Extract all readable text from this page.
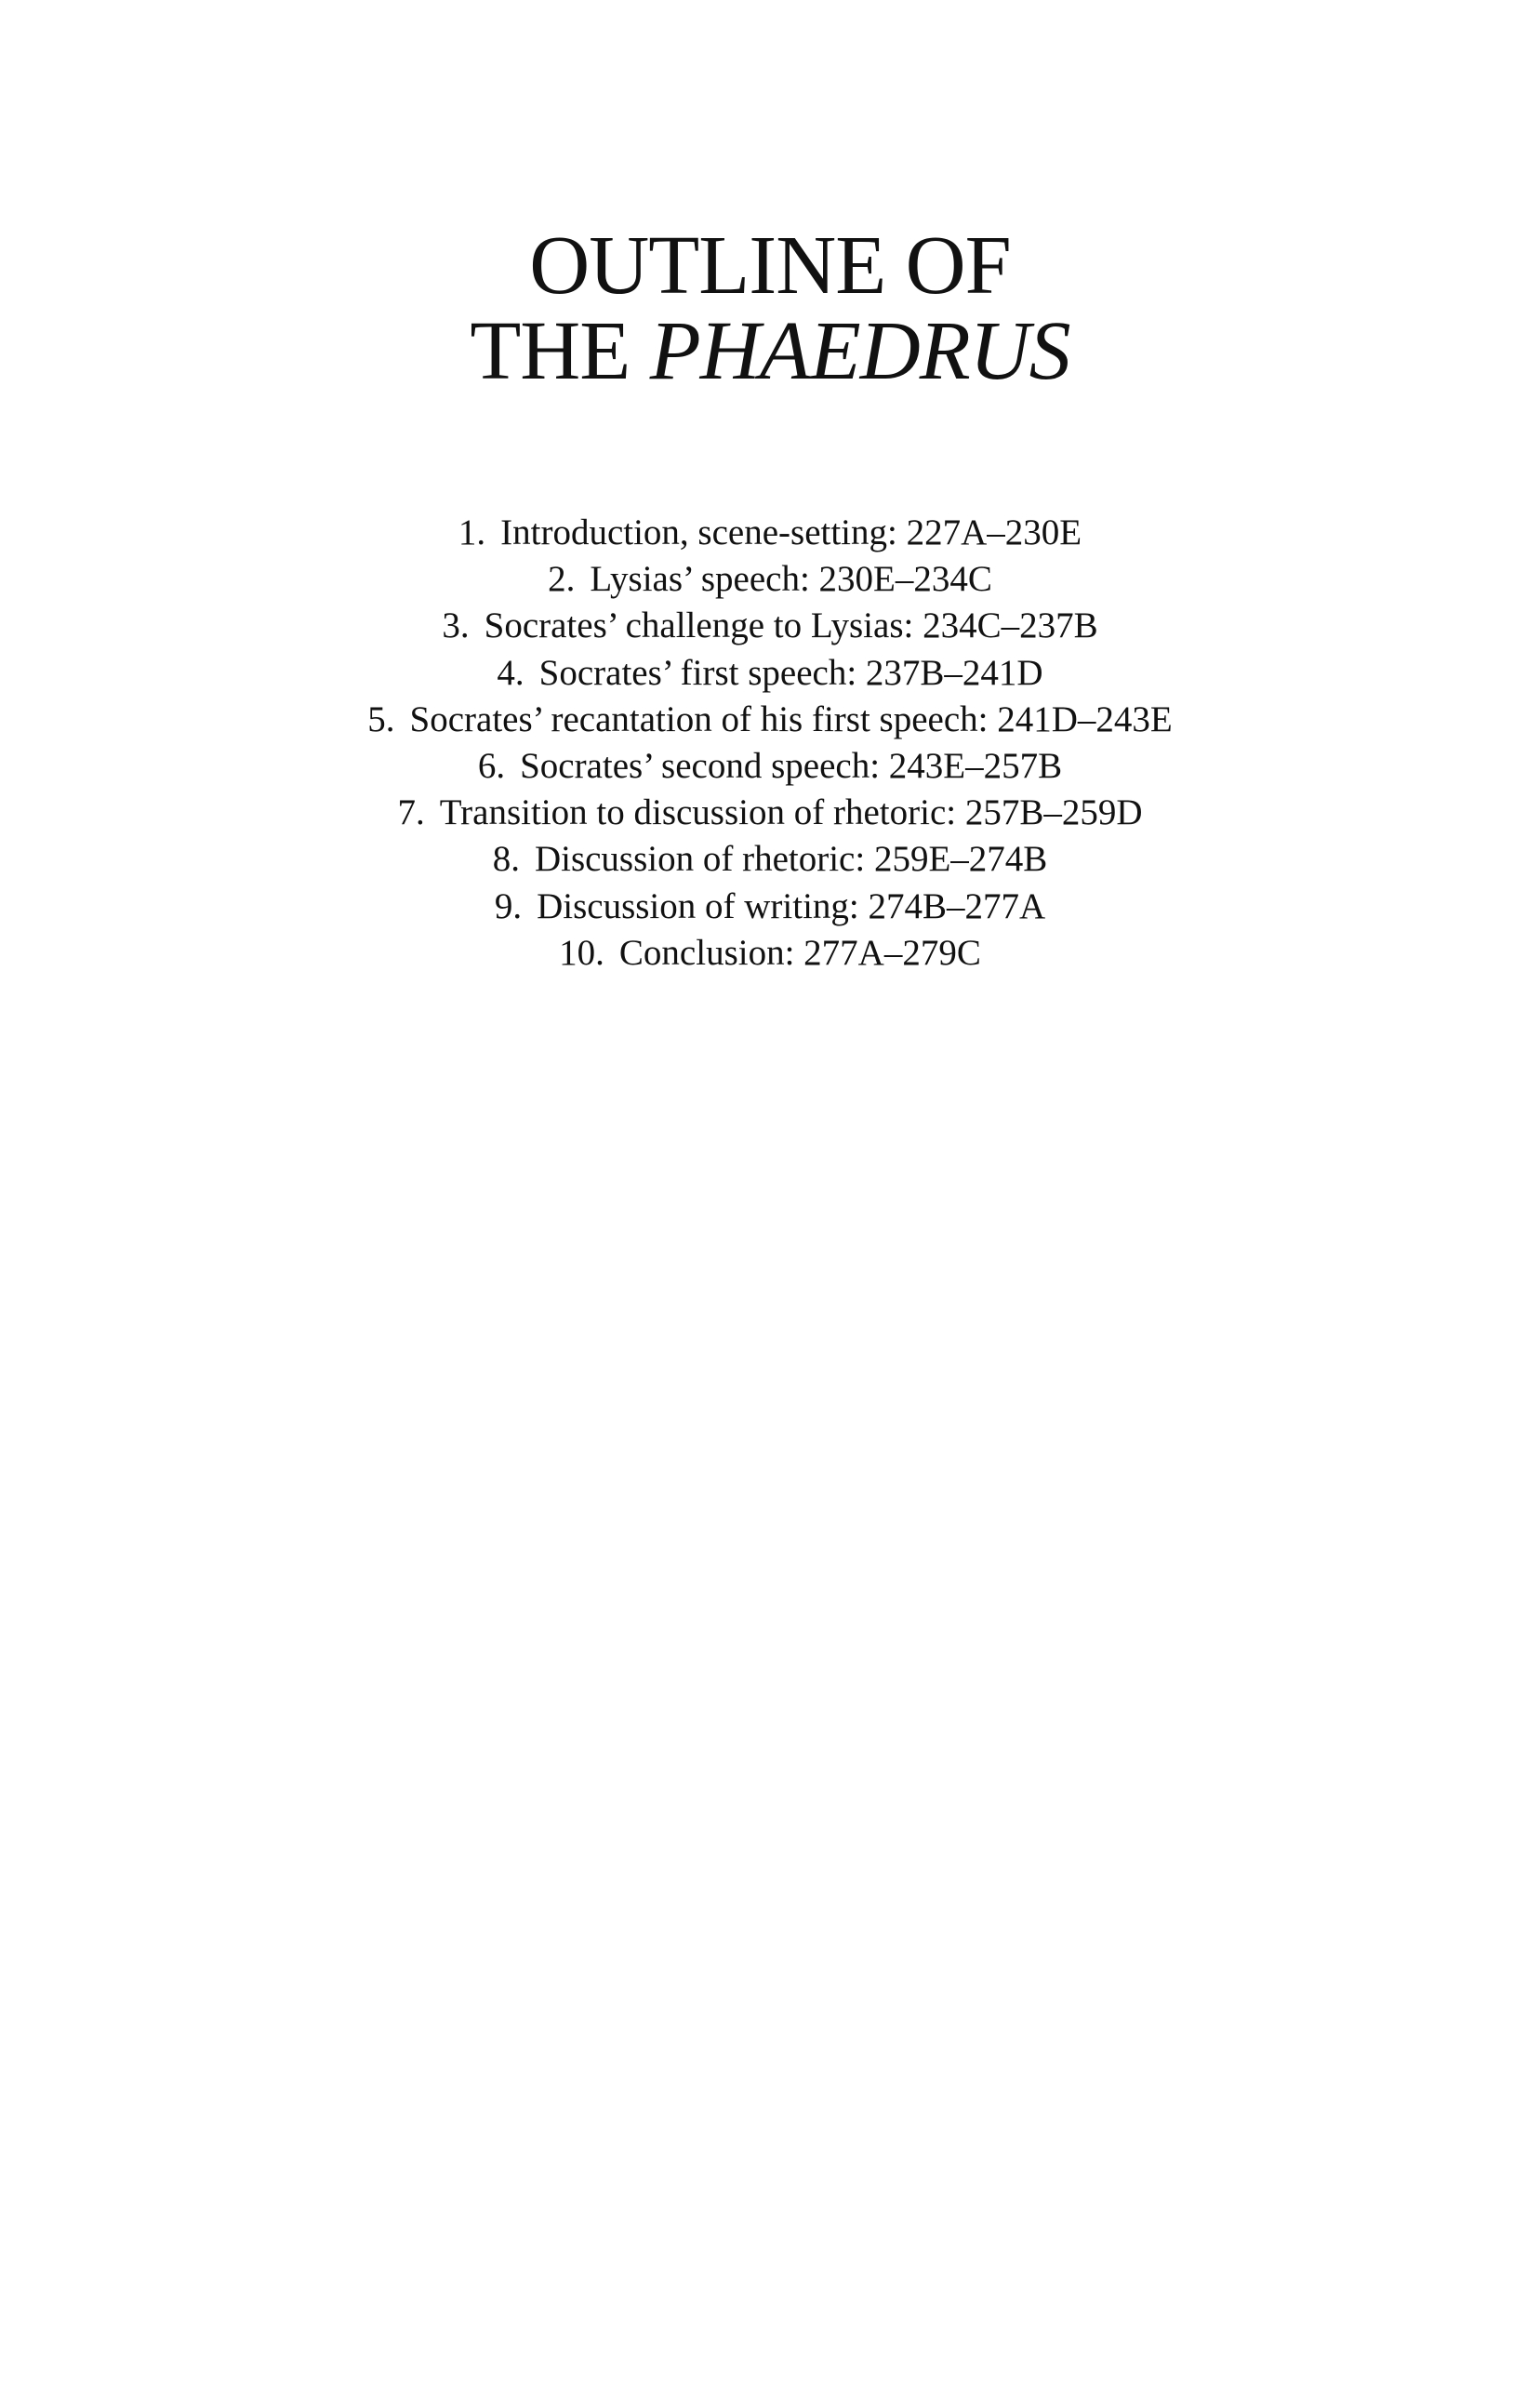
OUTLINE OF
THE PHAEDRUS
1. Introduction, scene-setting: 227A–230E
2. Lysias’ speech: 230E–234C
3. Socrates’ challenge to Lysias: 234C–237B
4. Socrates’ first speech: 237B–241D
5. Socrates’ recantation of his first speech: 241D–243E
6. Socrates’ second speech: 243E–257B
7. Transition to discussion of rhetoric: 257B–259D
8. Discussion of rhetoric: 259E–274B
9. Discussion of writing: 274B–277A
10. Conclusion: 277A–279C
